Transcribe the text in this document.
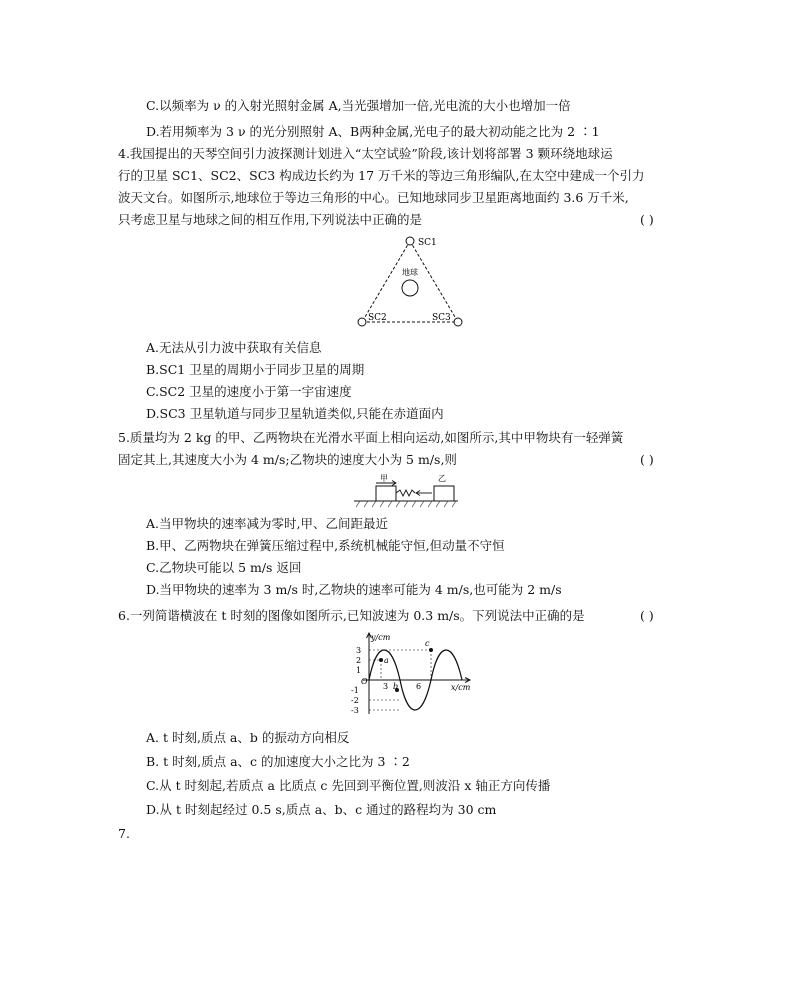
C.以频率为 ν 的入射光照射金属 A,当光强增加一倍,光电流的大小也增加一倍
D.若用频率为 3 ν 的光分别照射 A、B两种金属,光电子的最大初动能之比为 2 ∶1
4.我国提出的天琴空间引力波探测计划进入“太空试验”阶段,该计划将部署 3 颗环绕地球运
行的卫星 SC1、SC2、SC3 构成边长约为 17 万千米的等边三角形编队,在太空中建成一个引力
波天文台。如图所示,地球位于等边三角形的中心。已知地球同步卫星距离地面约 3.6 万千米,
只考虑卫星与地球之间的相互作用,下列说法中正确的是	( )
SC1
地球
SC2	SC3
A.无法从引力波中获取有关信息
B.SC1 卫星的周期小于同步卫星的周期
C.SC2 卫星的速度小于第一宇宙速度
D.SC3 卫星轨道与同步卫星轨道类似,只能在赤道面内
5.质量均为 2 kg 的甲、乙两物块在光滑水平面上相向运动,如图所示,其中甲物块有一轻弹簧
固定其上,其速度大小为 4 m/s;乙物块的速度大小为 5 m/s,则	( )
甲	乙
A.当甲物块的速率减为零时,甲、乙间距最近
B.甲、乙两物块在弹簧压缩过程中,系统机械能守恒,但动量不守恒
C.乙物块可能以 5 m/s 返回
D.当甲物块的速率为 3 m/s 时,乙物块的速率可能为 4 m/s,也可能为 2 m/s
6.一列简谐横波在 t 时刻的图像如图所示,已知波速为 0.3 m/s。下列说法中正确的是	( )
y/cm
x/cm
O
3
2
1
-1
-2
-3
3	6
a
b
c
A. t 时刻,质点 a、b 的振动方向相反
B. t 时刻,质点 a、c 的加速度大小之比为 3 ∶2
C.从 t 时刻起,若质点 a 比质点 c 先回到平衡位置,则波沿 x 轴正方向传播
D.从 t 时刻起经过 0.5 s,质点 a、b、c 通过的路程均为 30 cm
7.
